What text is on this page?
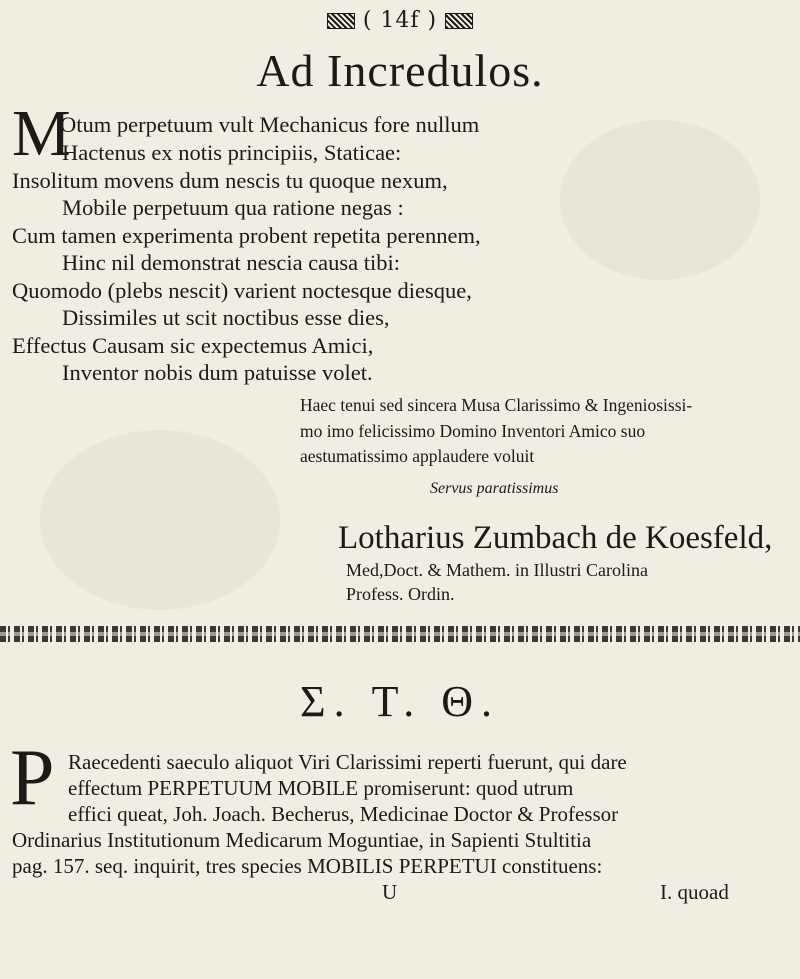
( 14f )
Ad Incredulos.
M
Otum perpetuum vult Mechanicus fore nullum
Hactenus ex notis principiis, Staticae:
Insolitum movens dum nescis tu quoque nexum,
Mobile perpetuum qua ratione negas :
Cum tamen experimenta probent repetita perennem,
Hinc nil demonstrat nescia causa tibi:
Quomodo (plebs nescit) varient noctesque diesque,
Dissimiles ut scit noctibus esse dies,
Effectus Causam sic expectemus Amici,
Inventor nobis dum patuisse volet.
Haec tenui sed sincera Musa Clarissimo & Ingeniosissi-
mo imo felicissimo Domino Inventori Amico suo
aestumatissimo applaudere voluit
Servus paratissimus
Lotharius Zumbach de Koesfeld,
Med,Doct. & Mathem. in Illustri Carolina
Profess. Ordin.
Σ. T. Θ.
P Raecedenti saeculo aliquot Viri Clarissimi reperti fuerunt, qui dare
effectum PERPETUUM MOBILE promiserunt: quod utrum
effici queat, Joh. Joach. Becherus, Medicinae Doctor & Professor
Ordinarius Institutionum Medicarum Moguntiae, in Sapienti Stultitia
pag. 157. seq. inquirit, tres species MOBILIS PERPETUI constituens:
U	I. quoad
